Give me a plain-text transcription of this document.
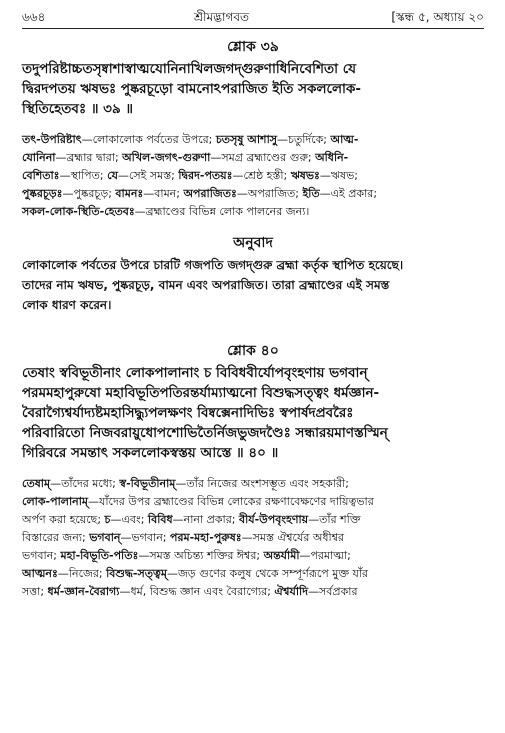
৬৬৪	শ্রীমদ্ভাগবত	[স্কন্ধ ৫, অধ্যায় ২০

শ্লোক ৩৯

তদুপরিষ্টাচ্চতসৃষ্বাশাস্বাত্মযোনিনাখিলজগদ্গুরুণাধিনিবেশিতা যে

দ্বিরদপতয় ঋষভঃ পুষ্করচূড়ো বামনোঽপরাজিত ইতি সকললোক-

স্থিতিহেতবঃ ॥ ৩৯ ॥

তৎ-উপরিষ্টাৎ—লোকালোক পর্বতের উপরে; চতসৃষু আশাসু—চতুর্দিকে; আত্ম-

যোনিনা—ব্রহ্মার দ্বারা; অখিল-জগৎ-গুরুণা—সমগ্র ব্রহ্মাণ্ডের গুরু; অধিনি-

বেশিতাঃ—স্থাপিত; যে—সেই সমস্ত; দ্বিরদ-পতয়ঃ—শ্রেষ্ঠ হস্তী; ঋষভঃ—ঋষভ;

পুষ্করচূড়ঃ—পুষ্করচূড়; বামনঃ—বামন; অপরাজিতঃ—অপরাজিত; ইতি—এই প্রকার;

সকল-লোক-স্থিতি-হেতবঃ—ব্রহ্মাণ্ডের বিভিন্ন লোক পালনের জন্য।

অনুবাদ

লোকালোক পর্বতের উপরে চারটি গজপতি জগদ্গুরু ব্রহ্মা কর্তৃক স্থাপিত হয়েছে।

তাদের নাম ঋষভ, পুষ্করচূড়, বামন এবং অপরাজিত। তারা ব্রহ্মাণ্ডের এই সমস্ত

লোক ধারণ করেন।

শ্লোক ৪০

তেষাং স্ববিভূতীনাং লোকপালানাং চ বিবিধবীর্যোপবৃংহণায় ভগবান্

পরমমহাপুরুষো মহাবিভূতিপতিরন্তর্যাম্যাত্মনো বিশুদ্ধসত্ত্বং ধর্মজ্ঞান-

বৈরাগ্যৈশ্বর্যাদ্যষ্টমহাসিদ্ধ্যুপলক্ষণং বিষ্বক্সেনাদিভিঃ স্বপার্ষদপ্রবরৈঃ

পরিবারিতো নিজবরায়ুধোপশোভিতৈর্নিজভুজদণ্ডৈঃ সন্ধারয়মাণস্তস্মিন্

গিরিবরে সমন্তাৎ সকললোকস্বস্তয় আস্তে ॥ ৪০ ॥

তেষাম্—তাঁদের মধ্যে; স্ব-বিভূতীনাম্—তাঁর নিজের অংশসম্ভূত এবং সহকারী;

লোক-পালানাম্—যাঁদের উপর ব্রহ্মাণ্ডের বিভিন্ন লোকের রক্ষণাবেক্ষণের দায়িত্বভার

অর্পণ করা হয়েছে; চ—এবং; বিবিধ—নানা প্রকার; বীর্য-উপবৃংহণায়—তাঁর শক্তি

বিস্তারের জন্য; ভগবান্—ভগবান; পরম-মহা-পুরুষঃ—সমস্ত ঐশ্বর্যের অধীশ্বর

ভগবান; মহা-বিভূতি-পতিঃ—সমস্ত অচিন্ত্য শক্তির ঈশ্বর; অন্তর্যামী—পরমাত্মা;

আত্মনঃ—নিজের; বিশুদ্ধ-সত্ত্বম্—জড় গুণের কলুষ থেকে সম্পূর্ণরূপে মুক্ত যাঁর

সত্তা; ধর্ম-জ্ঞান-বৈরাগ্য—ধর্ম, বিশুদ্ধ জ্ঞান এবং বৈরাগ্যের; ঐশ্বর্যাদি—সর্বপ্রকার
